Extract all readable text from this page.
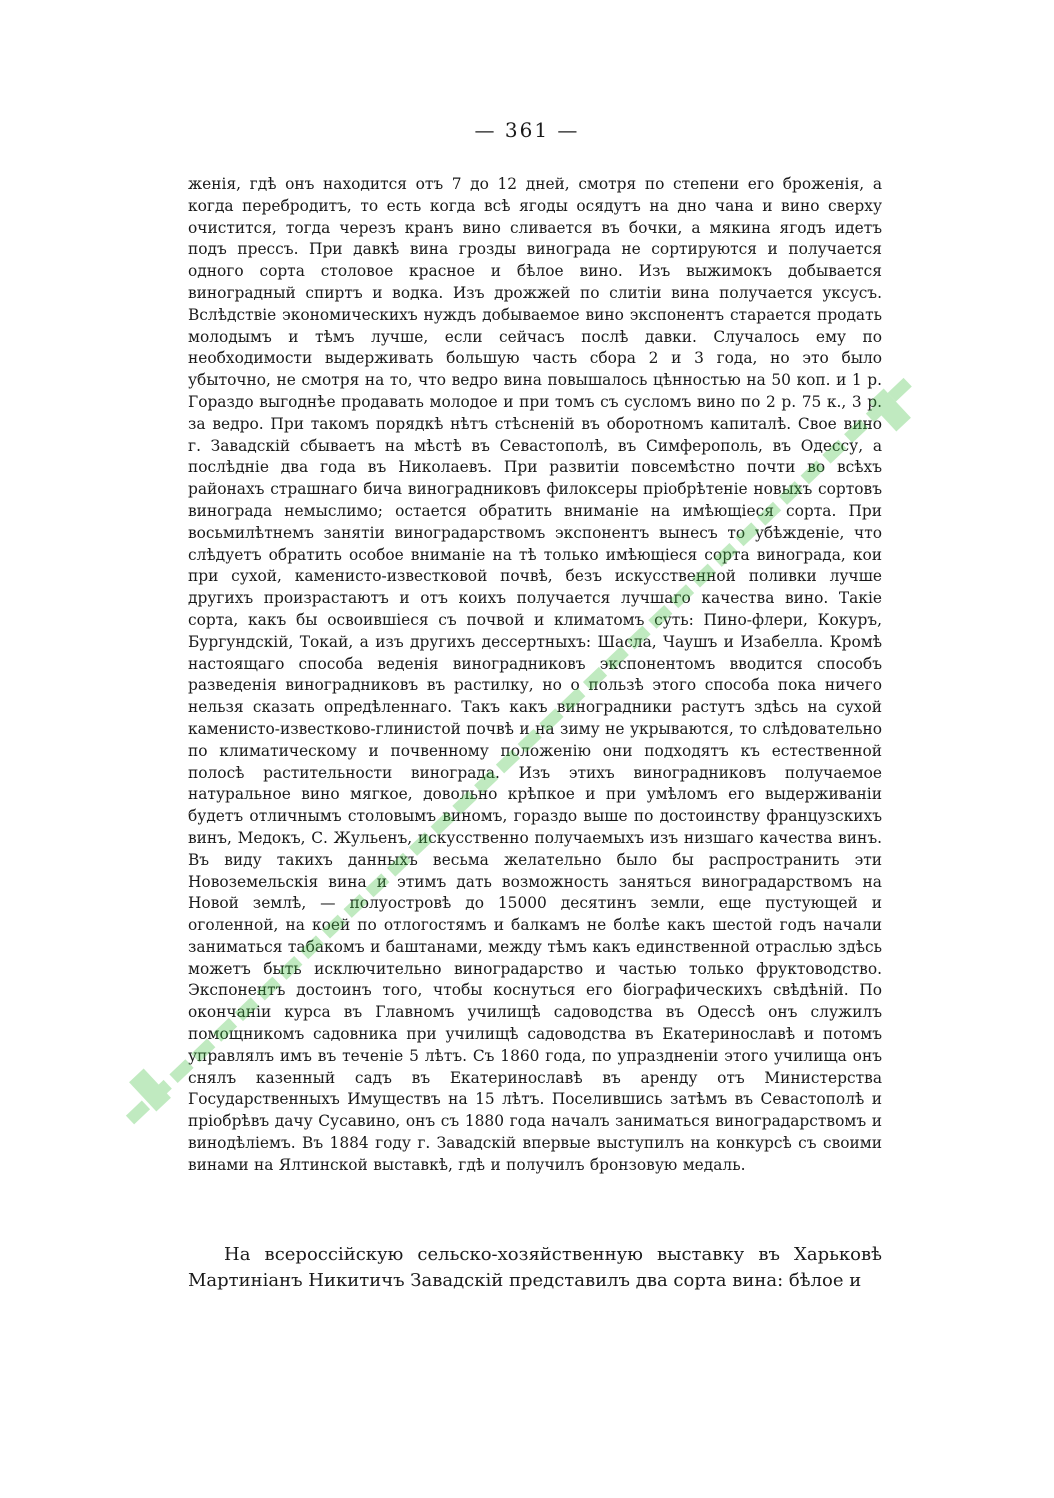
— 361 —

женія, гдѣ онъ находится отъ 7 до 12 дней, смотря по степени его броженія, а когда перебродитъ, то есть когда всѣ ягоды осядутъ на дно чана и вино сверху очистится, тогда черезъ кранъ вино сливается въ бочки, а мякина ягодъ идетъ подъ прессъ. При давкѣ вина грозды винограда не сортируются и получается одного сорта столовое красное и бѣлое вино. Изъ выжимокъ добывается виноградный спиртъ и водка. Изъ дрожжей по слитіи вина получается уксусъ. Вслѣдствіе экономическихъ нуждъ добываемое вино экспонентъ старается продать молодымъ и тѣмъ лучше, если сейчасъ послѣ давки. Случалось ему по необходимости выдерживать большую часть сбора 2 и 3 года, но это было убыточно, не смотря на то, что ведро вина повышалось цѣнностью на 50 коп. и 1 р. Гораздо выгоднѣе продавать молодое и при томъ съ сусломъ вино по 2 р. 75 к., 3 р. за ведро. При такомъ порядкѣ нѣтъ стѣсненій въ оборотномъ капиталѣ. Свое вино г. Завадскій сбываетъ на мѣстѣ въ Севастополѣ, въ Симферополь, въ Одессу, а послѣдніе два года въ Николаевъ. При развитіи повсемѣстно почти во всѣхъ районахъ страшнаго бича виноградниковъ филоксеры пріобрѣтеніе новыхъ сортовъ винограда немыслимо; остается обратить вниманіе на имѣющіеся сорта. При восьмилѣтнемъ занятіи виноградарствомъ экспонентъ вынесъ то убѣжденіе, что слѣдуетъ обратить особое вниманіе на тѣ только имѣющіеся сорта винограда, кои при сухой, каменисто-известковой почвѣ, безъ искусственной поливки лучше другихъ произрастаютъ и отъ коихъ получается лучшаго качества вино. Такіе сорта, какъ бы освоившіеся съ почвой и климатомъ суть: Пино-флери, Кокуръ, Бургундскій, Токай, а изъ другихъ дессертныхъ: Шасла, Чаушъ и Изабелла. Кромѣ настоящаго способа веденія виноградниковъ экспонентомъ вводится способъ разведенія виноградниковъ въ растилку, но о пользѣ этого способа пока ничего нельзя сказать опредѣленнаго. Такъ какъ виноградники растутъ здѣсь на сухой каменисто-известково-глинистой почвѣ и на зиму не укрываются, то слѣдовательно по климатическому и почвенному положенію они подходятъ къ естественной полосѣ растительности винограда. Изъ этихъ виноградниковъ получаемое натуральное вино мягкое, довольно крѣпкое и при умѣломъ его выдерживаніи будетъ отличнымъ столовымъ виномъ, гораздо выше по достоинству французскихъ винъ, Медокъ, С. Жульенъ, искусственно получаемыхъ изъ низшаго качества винъ. Въ виду такихъ данныхъ весьма желательно было бы распространить эти Новоземельскія вина и этимъ дать возможность заняться виноградарствомъ на Новой землѣ, — полуостровѣ до 15000 десятинъ земли, еще пустующей и оголенной, на коей по отлогостямъ и балкамъ не болѣе какъ шестой годъ начали заниматься табакомъ и баштанами, между тѣмъ какъ единственной отраслью здѣсь можетъ быть исключительно виноградарство и частью только фруктоводство. Экспонентъ достоинъ того, чтобы коснуться его біографическихъ свѣдѣній. По окончаніи курса въ Главномъ училищѣ садоводства въ Одессѣ онъ служилъ помощникомъ садовника при училищѣ садоводства въ Екатеринославѣ и потомъ управлялъ имъ въ теченіе 5 лѣтъ. Съ 1860 года, по упраздненіи этого училища онъ снялъ казенный садъ въ Екатеринославѣ въ аренду отъ Министерства Государственныхъ Имуществъ на 15 лѣтъ. Поселившись затѣмъ въ Севастополѣ и пріобрѣвъ дачу Сусавино, онъ съ 1880 года началъ заниматься виноградарствомъ и винодѣліемъ. Въ 1884 году г. Завадскій впервые выступилъ на конкурсѣ съ своими винами на Ялтинской выставкѣ, гдѣ и получилъ бронзовую медаль.

На всероссійскую сельско-хозяйственную выставку въ Харьковѣ Мартиніанъ Никитичъ Завадскій представилъ два сорта вина: бѣлое и
